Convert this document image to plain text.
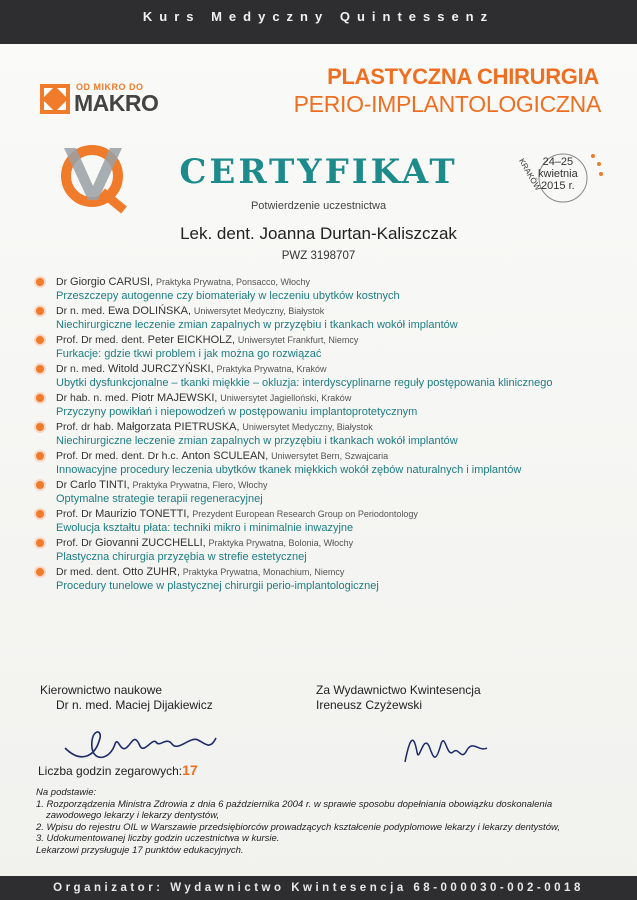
Kurs Medyczny Quintessenz
OD MIKRO DO
MAKRO
PLASTYCZNA CHIRURGIA
PERIO-IMPLANTOLOGICZNA
CERTYFIKAT
Potwierdzenie uczestnictwa
24–25
kwietnia
2015 r.
KRAKÓW
Lek. dent. Joanna Durtan-Kaliszczak
PWZ 3198707
Dr Giorgio CARUSI, Praktyka Prywatna, Ponsacco, Włochy
Przeszczepy autogenne czy biomateriały w leczeniu ubytków kostnych
Dr n. med. Ewa DOLIŃSKA, Uniwersytet Medyczny, Białystok
Niechirurgiczne leczenie zmian zapalnych w przyzębiu i tkankach wokół implantów
Prof. Dr med. dent. Peter EICKHOLZ, Uniwersytet Frankfurt, Niemcy
Furkacje: gdzie tkwi problem i jak można go rozwiązać
Dr n. med. Witold JURCZYŃSKI, Praktyka Prywatna, Kraków
Ubytki dysfunkcjonalne – tkanki miękkie – okluzja: interdyscyplinarne reguły postępowania klinicznego
Dr hab. n. med. Piotr MAJEWSKI, Uniwersytet Jagielloński, Kraków
Przyczyny powikłań i niepowodzeń w postępowaniu implantoprotetycznym
Prof. dr hab. Małgorzata PIETRUSKA, Uniwersytet Medyczny, Białystok
Niechirurgiczne leczenie zmian zapalnych w przyzębiu i tkankach wokół implantów
Prof. Dr med. dent. Dr h.c. Anton SCULEAN, Uniwersytet Bern, Szwajcaria
Innowacyjne procedury leczenia ubytków tkanek miękkich wokół zębów naturalnych i implantów
Dr Carlo TINTI, Praktyka Prywatna, Flero, Włochy
Optymalne strategie terapii regeneracyjnej
Prof. Dr Maurizio TONETTI, Prezydent European Research Group on Periodontology
Ewolucja kształtu płata: techniki mikro i minimalnie inwazyjne
Prof. Dr Giovanni ZUCCHELLI, Praktyka Prywatna, Bolonia, Włochy
Plastyczna chirurgia przyzębia w strefie estetycznej
Dr med. dent. Otto ZUHR, Praktyka Prywatna, Monachium, Niemcy
Procedury tunelowe w plastycznej chirurgii perio-implantologicznej
Kierownictwo naukowe
Dr n. med. Maciej Dijakiewicz
Za Wydawnictwo Kwintesencja
Ireneusz Czyżewski
Liczba godzin zegarowych:17

Na podstawie:

1. Rozporządzenia Ministra Zdrowia z dnia 6 października 2004 r. w sprawie sposobu dopełniania obowiązku doskonalenia

zawodowego lekarzy i lekarzy dentystów,

2. Wpisu do rejestru OIL w Warszawie przedsiębiorców prowadzących kształcenie podyplomowe lekarzy i lekarzy dentystów,

3. Udokumentowanej liczby godzin uczestnictwa w kursie.

Lekarzowi przysługuje 17 punktów edukacyjnych.

Organizator: Wydawnictwo Kwintesencja 68-000030-002-0018
